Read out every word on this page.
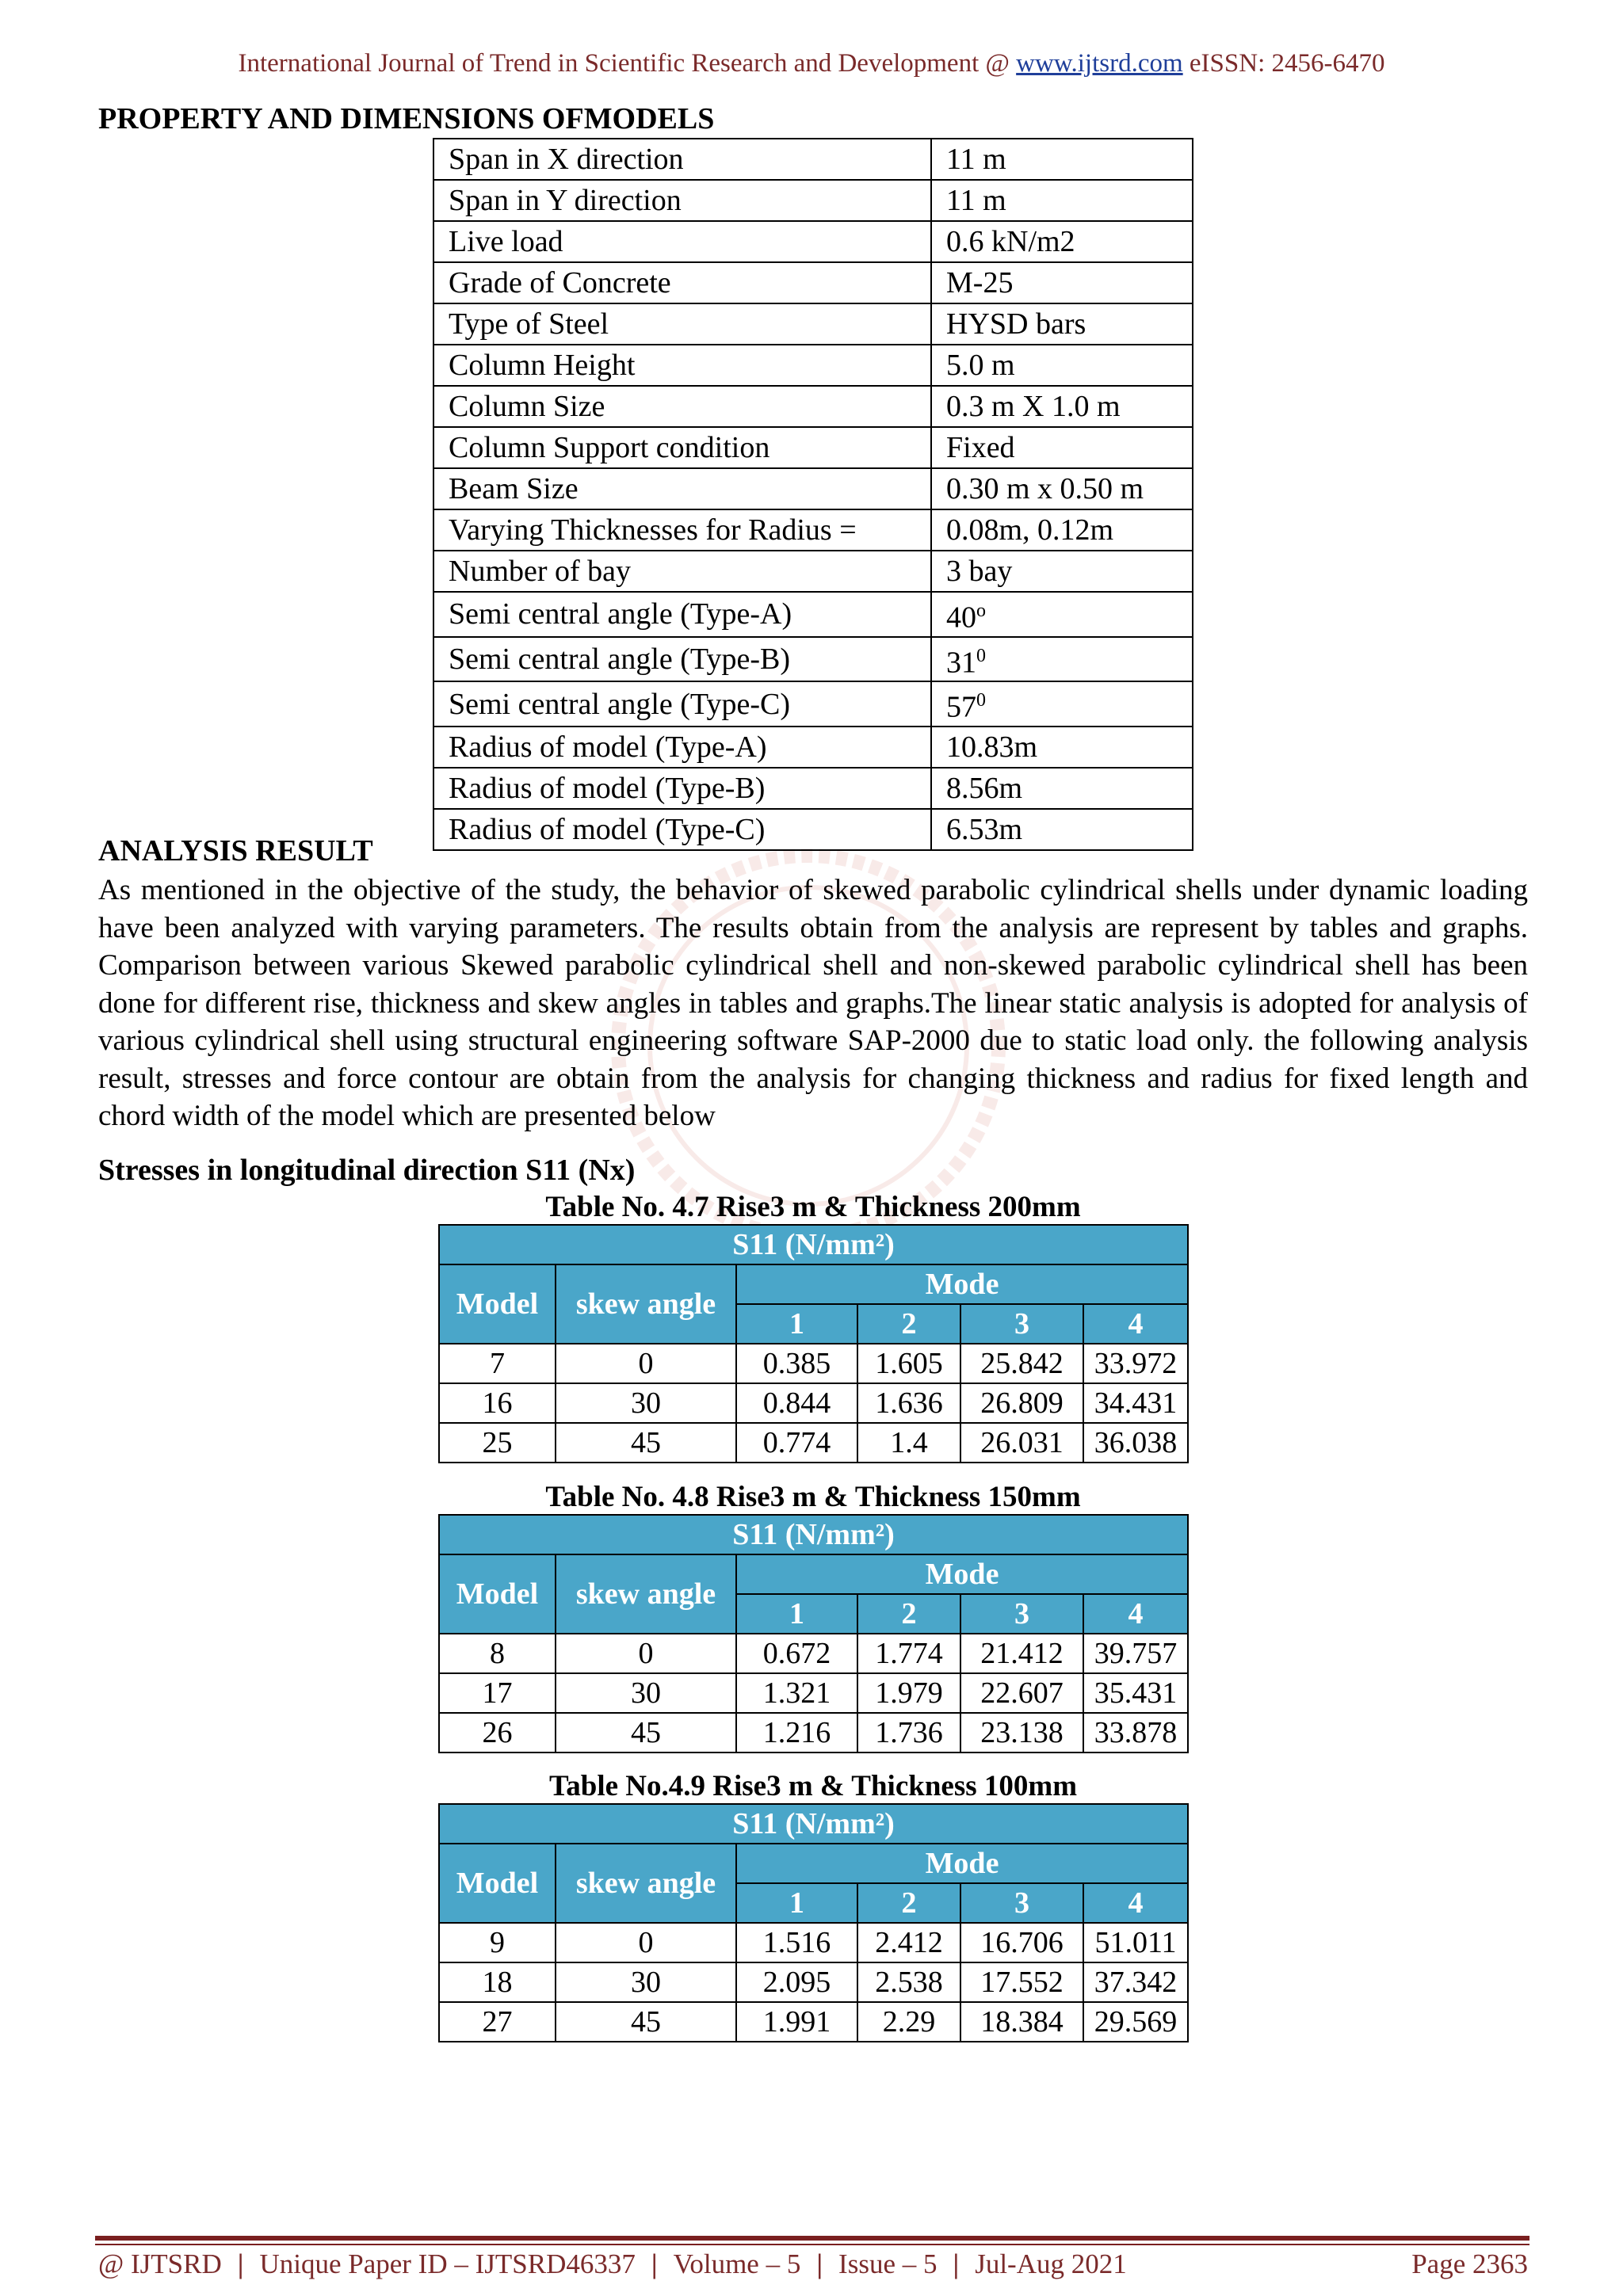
International Journal of Trend in Scientific Research and Development @ www.ijtsrd.com eISSN: 2456-6470
PROPERTY AND DIMENSIONS OFMODELS
Span in X direction	11 m
Span in Y direction	11 m
Live load	0.6 kN/m2
Grade of Concrete	M-25
Type of Steel	HYSD bars
Column Height	5.0 m
Column Size	0.3 m X 1.0 m
Column Support condition	Fixed
Beam Size	0.30 m x 0.50 m
Varying Thicknesses for Radius =	0.08m, 0.12m
Number of bay	3 bay
Semi central angle (Type-A)	40$^o$
Semi central angle (Type-B)	$31^0$
Semi central angle (Type-C)	$57^0$
Radius of model (Type-A)	10.83m
Radius of model (Type-B)	8.56m
Radius of model (Type-C)	6.53m
ANALYSIS RESULT

As mentioned in the objective of the study, the behavior of skewed parabolic cylindrical shells under dynamic loading have been analyzed with varying parameters. The results obtain from the analysis are represent by tables and graphs. Comparison between various Skewed parabolic cylindrical shell and non-skewed parabolic cylindrical shell has been done for different rise, thickness and skew angles in tables and graphs.The linear static analysis is adopted for analysis of various cylindrical shell using structural engineering software SAP-2000 due to static load only. the following analysis result, stresses and force contour are obtain from the analysis for changing thickness and radius for fixed length and chord width of the model which are presented below

Stresses in longitudinal direction S11 (Nx)
Table No. 4.7 Rise3 m & Thickness 200mm
S11 (N/mm²)					
Model	skew angle	Mode			
		1	2	3	4
7	0	0.385	1.605	25.842	33.972
16	30	0.844	1.636	26.809	34.431
25	45	0.774	1.4	26.031	36.038
Table No. 4.8 Rise3 m & Thickness 150mm
S11 (N/mm²)					
Model	skew angle	Mode			
		1	2	3	4
8	0	0.672	1.774	21.412	39.757
17	30	1.321	1.979	22.607	35.431
26	45	1.216	1.736	23.138	33.878
Table No.4.9 Rise3 m & Thickness 100mm
S11 (N/mm²)					
Model	skew angle	Mode			
		1	2	3	4
9	0	1.516	2.412	16.706	51.011
18	30	2.095	2.538	17.552	37.342
27	45	1.991	2.29	18.384	29.569
@ IJTSRD | Unique Paper ID – IJTSRD46337 | Volume – 5 | Issue – 5 | Jul-Aug 2021	Page 2363
